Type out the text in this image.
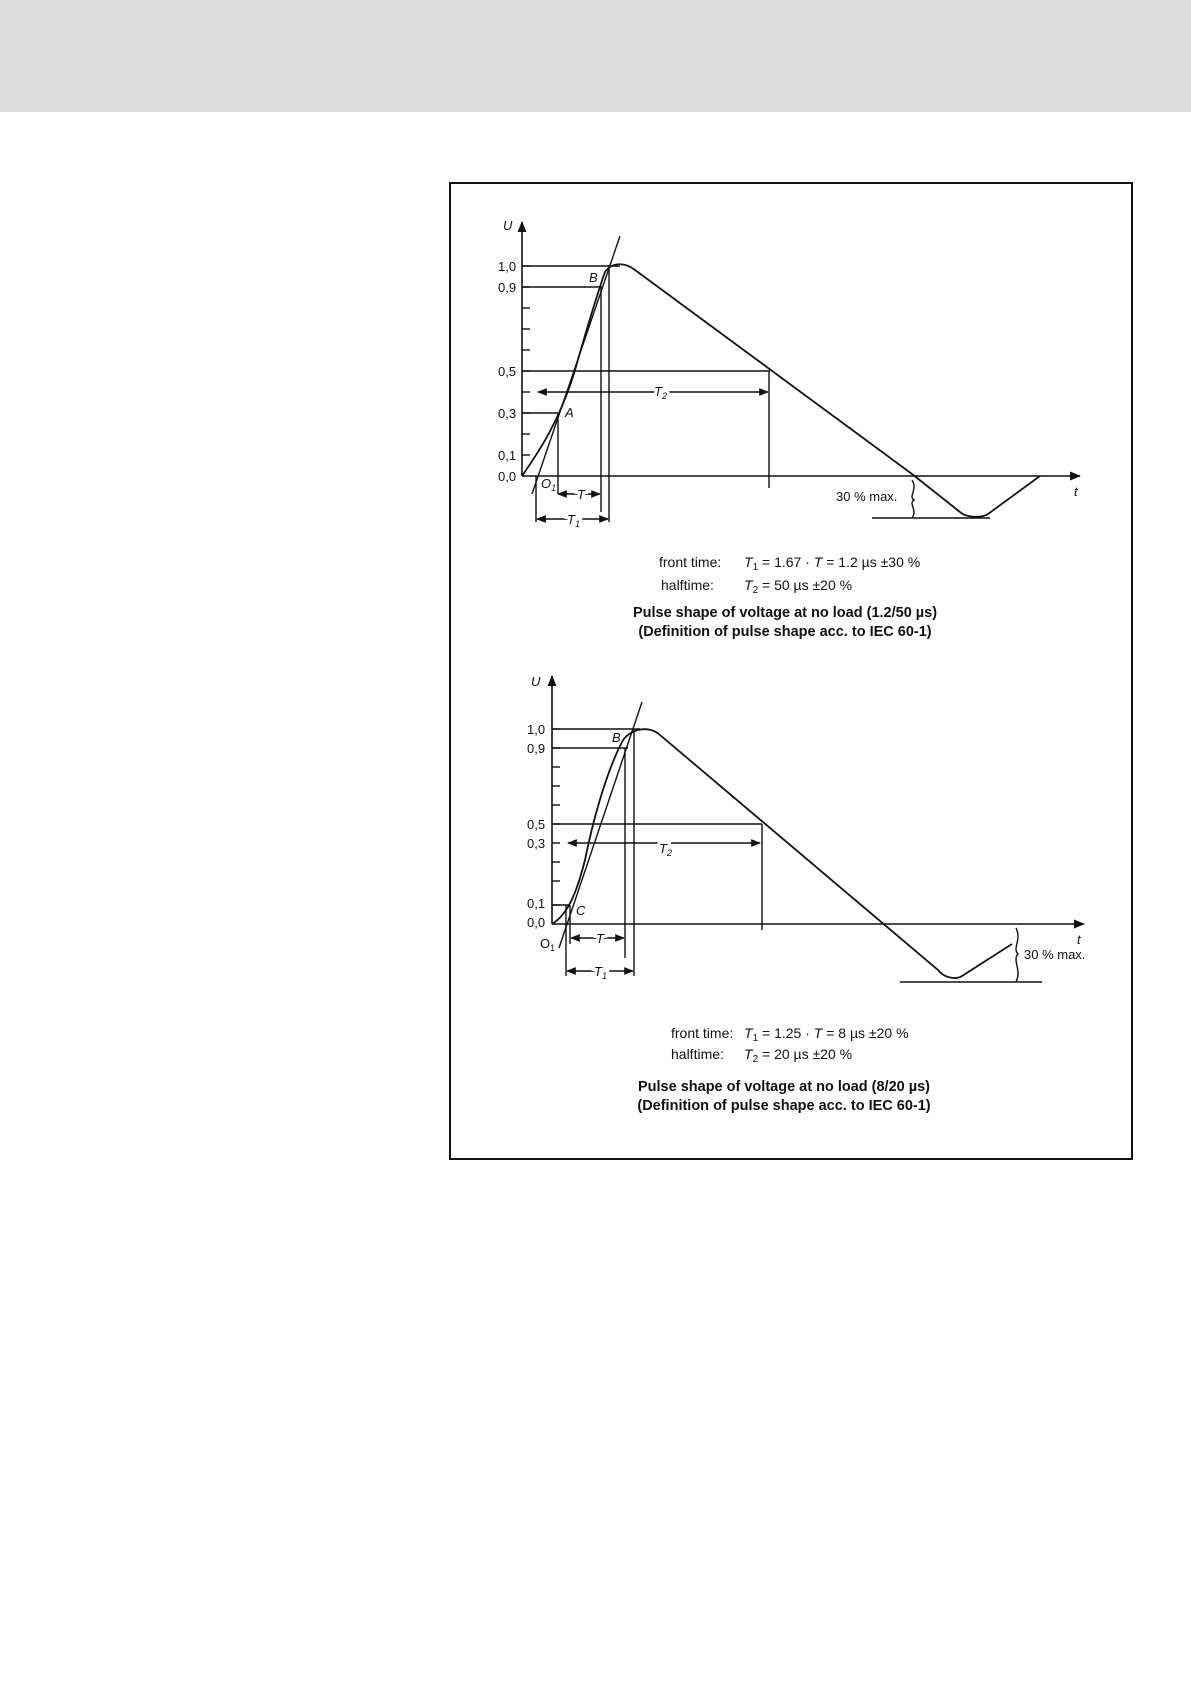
U
t
1,0
0,9
0,5
0,3
0,1
0,0
B
A
$O_1$
$T_2$
T
$T_1$
30 % max.
front time: $T_1 = 1.67 \cdot T = 1.2$ µs ±30 %
halftime: $T_2 = 50$ µs ±20 %
Pulse shape of voltage at no load (1.2/50 µs)
(Definition of pulse shape acc. to IEC 60-1)
U
t
1,0
0,9
0,5
0,3
0,1
0,0
B
C
$O_1$
$T_2$
T
$T_1$
30 % max.
front time: $T_1 = 1.25 \cdot T = 8$ µs ±20 %
halftime: $T_2 = 20$ µs ±20 %
Pulse shape of voltage at no load (8/20 µs)
(Definition of pulse shape acc. to IEC 60-1)
